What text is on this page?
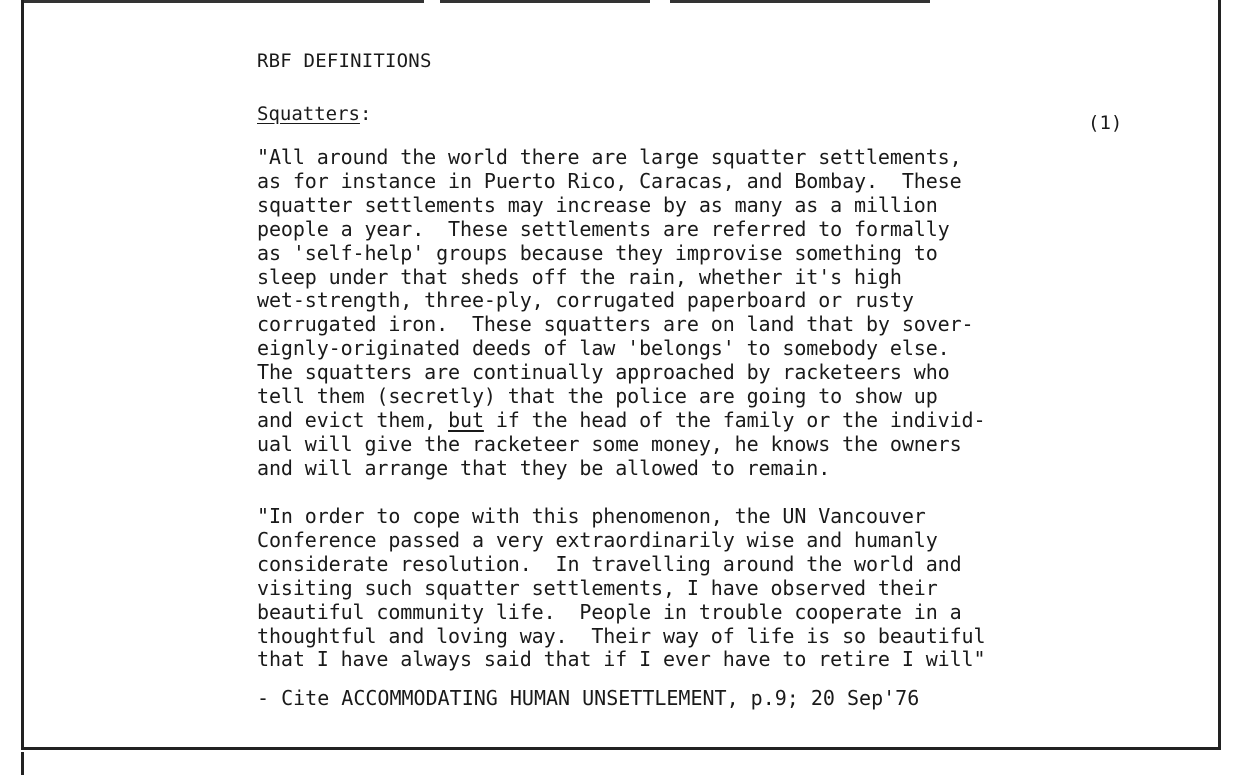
RBF DEFINITIONS
Squatters:	(1)
"All around the world there are large squatter settlements,
as for instance in Puerto Rico, Caracas, and Bombay.  These
squatter settlements may increase by as many as a million
people a year.  These settlements are referred to formally
as 'self-help' groups because they improvise something to
sleep under that sheds off the rain, whether it's high
wet-strength, three-ply, corrugated paperboard or rusty
corrugated iron.  These squatters are on land that by sover-
eignly-originated deeds of law 'belongs' to somebody else.
The squatters are continually approached by racketeers who
tell them (secretly) that the police are going to show up
and evict them, but if the head of the family or the individ-
ual will give the racketeer some money, he knows the owners
and will arrange that they be allowed to remain.
"In order to cope with this phenomenon, the UN Vancouver
Conference passed a very extraordinarily wise and humanly
considerate resolution.  In travelling around the world and
visiting such squatter settlements, I have observed their
beautiful community life.  People in trouble cooperate in a
thoughtful and loving way.  Their way of life is so beautiful
that I have always said that if I ever have to retire I will"
- Cite ACCOMMODATING HUMAN UNSETTLEMENT, p.9; 20 Sep'76
